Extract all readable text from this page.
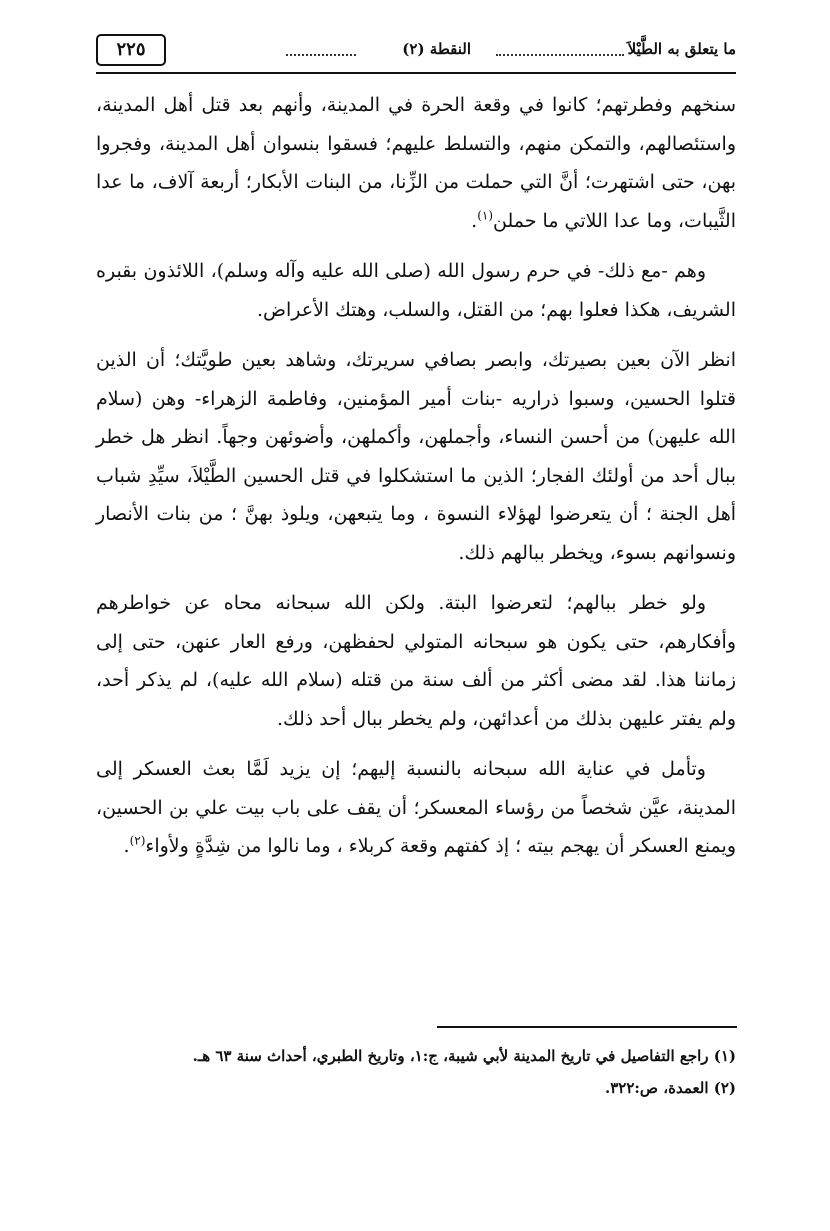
ما يتعلق به الطَّيْلاَ
النقطة (٢)
٢٢٥

سنخهم وفطرتهم؛ كانوا في وقعة الحرة في المدينة، وأنهم بعد قتل أهل المدينة، واستئصالهم، والتمكن منهم، والتسلط عليهم؛ فسقوا بنسوان أهل المدينة، وفجروا بهن، حتى اشتهرت؛ أنَّ التي حملت من الزِّنا، من البنات الأبكار؛ أربعة آلاف، ما عدا الثَّيبات، وما عدا اللاتي ما حملن$^{(١)}$.

وهم -مع ذلك- في حرم رسول الله (صلى الله عليه وآله وسلم)، اللائذون بقبره الشريف، هكذا فعلوا بهم؛ من القتل، والسلب، وهتك الأعراض.

انظر الآن بعين بصيرتك، وابصر بصافي سريرتك، وشاهد بعين طويَّتك؛ أن الذين قتلوا الحسين، وسبوا ذراريه -بنات أمير المؤمنين، وفاطمة الزهراء- وهن (سلام الله عليهن) من أحسن النساء، وأجملهن، وأكملهن، وأضوئهن وجهاً. انظر هل خطر ببال أحد من أولئك الفجار؛ الذين ما استشكلوا في قتل الحسين الطَّيْلاَ، سيِّدِ شباب أهل الجنة ؛ أن يتعرضوا لهؤلاء النسوة ، وما يتبعهن، ويلوذ بهنَّ ؛ من بنات الأنصار ونسوانهم بسوء، ويخطر ببالهم ذلك.

ولو خطر ببالهم؛ لتعرضوا البتة. ولكن الله سبحانه محاه عن خواطرهم وأفكارهم، حتى يكون هو سبحانه المتولي لحفظهن، ورفع العار عنهن، حتى إلى زماننا هذا. لقد مضى أكثر من ألف سنة من قتله (سلام الله عليه)، لم يذكر أحد، ولم يفتر عليهن بذلك من أعدائهن، ولم يخطر ببال أحد ذلك.

وتأمل في عناية الله سبحانه بالنسبة إليهم؛ إن يزيد لَمَّا بعث العسكر إلى المدينة، عيَّن شخصاً من رؤساء المعسكر؛ أن يقف على باب بيت علي بن الحسين، ويمنع العسكر أن يهجم بيته ؛ إذ كفتهم وقعة كربلاء ، وما نالوا من شِدَّةٍ ولأواء$^{(٢)}$.

(١) راجع التفاصيل في تاريخ المدينة لأبي شيبة، ج:١، وتاريخ الطبري، أحداث سنة ٦٣ هـ.

(٢) العمدة، ص:٣٢٢.
